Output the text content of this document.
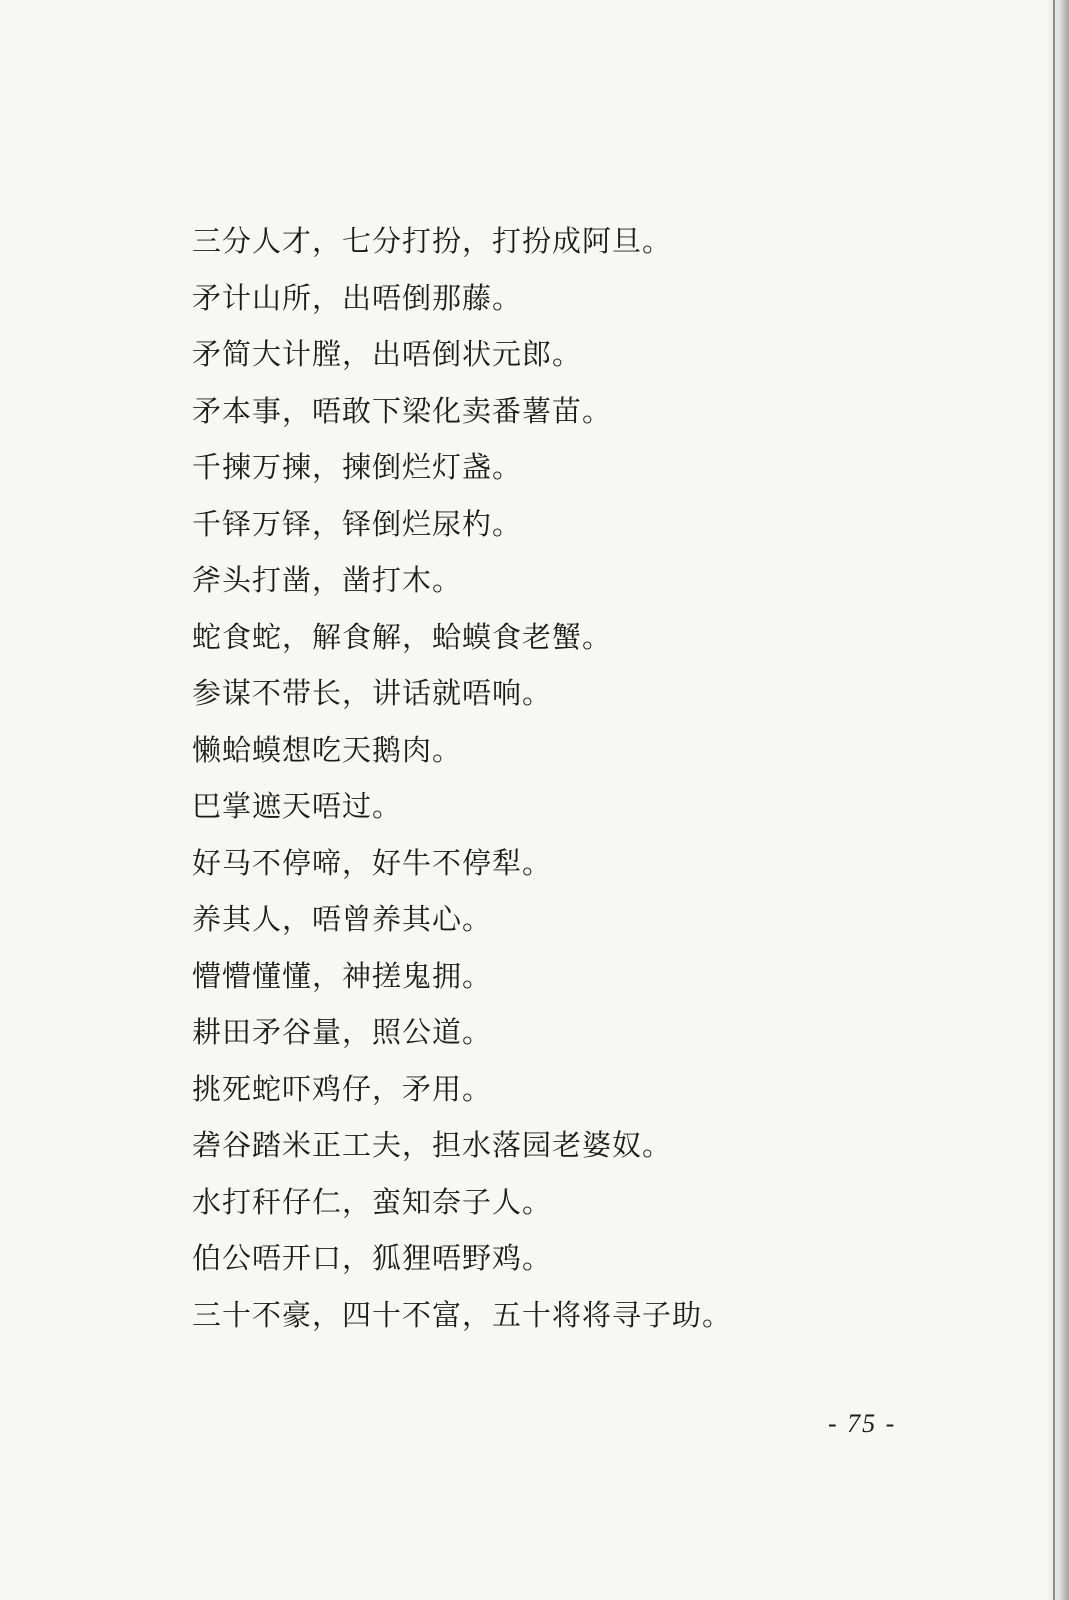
三分人才，七分打扮，打扮成阿旦。
矛计山所，出唔倒那藤。
矛简大计膛，出唔倒状元郎。
矛本事，唔敢下梁化卖番薯苗。
千揀万揀，揀倒烂灯盏。
千铎万铎，铎倒烂尿杓。
斧头打凿，凿打木。
蛇食蛇，解食解，蛤蟆食老蟹。
参谋不带长，讲话就唔响。
懒蛤蟆想吃天鹅肉。
巴掌遮天唔过。
好马不停啼，好牛不停犁。
养其人，唔曾养其心。
懵懵懂懂，神搓鬼拥。
耕田矛谷量，照公道。
挑死蛇吓鸡仔，矛用。
砻谷踏米正工夫，担水落园老婆奴。
水打秆仔仁，蛮知奈子人。
伯公唔开口，狐狸唔野鸡。
三十不豪，四十不富，五十将将寻子助。
- 75 -
